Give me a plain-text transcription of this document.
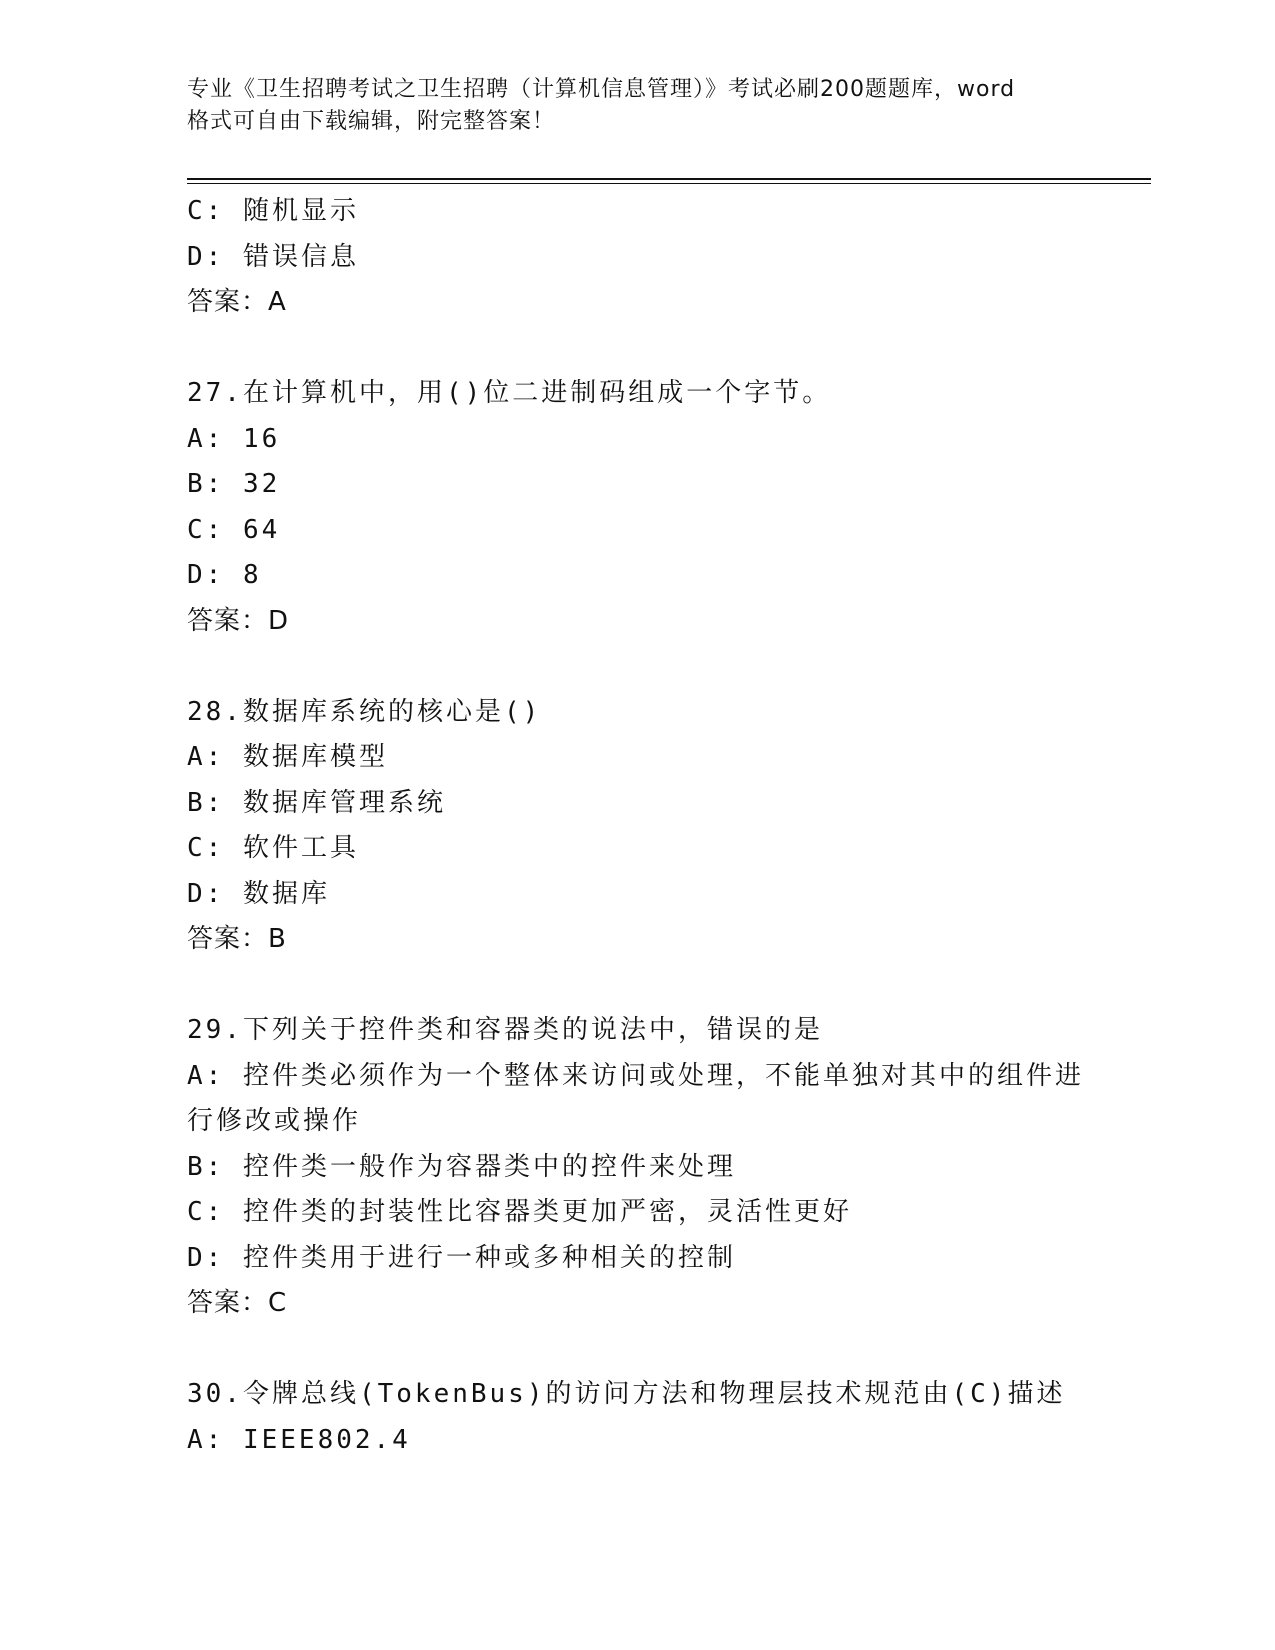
专业《卫生招聘考试之卫生招聘（计算机信息管理）》考试必刷200题题库，word
格式可自由下载编辑，附完整答案！
C: 随机显示
D: 错误信息
答案：A
27.在计算机中，用()位二进制码组成一个字节。
A: 16
B: 32
C: 64
D: 8
答案：D
28.数据库系统的核心是()
A: 数据库模型
B: 数据库管理系统
C: 软件工具
D: 数据库
答案：B
29.下列关于控件类和容器类的说法中，错误的是
A: 控件类必须作为一个整体来访问或处理，不能单独对其中的组件进
行修改或操作
B: 控件类一般作为容器类中的控件来处理
C: 控件类的封装性比容器类更加严密，灵活性更好
D: 控件类用于进行一种或多种相关的控制
答案：C
30.令牌总线(TokenBus)的访问方法和物理层技术规范由(C)描述
A: IEEE802.4
